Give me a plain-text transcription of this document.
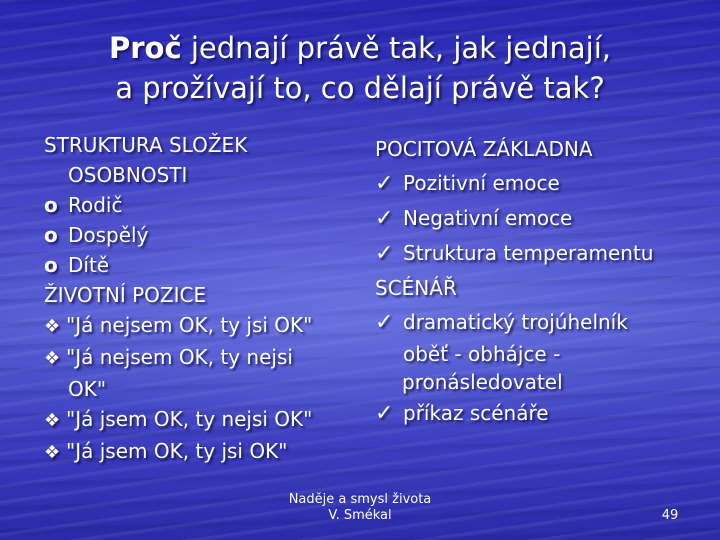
Proč jednají právě tak, jak jednají,
a prožívají to, co dělají právě tak?
STRUKTURA SLOŽEK
OSOBNOSTI
o Rodič
o Dospělý
o Dítě
ŽIVOTNÍ POZICE
❖ "Já nejsem OK, ty jsi OK"
❖ "Já nejsem OK, ty nejsi
OK"
❖ "Já jsem OK, ty nejsi OK"
❖ "Já jsem OK, ty jsi OK"
POCITOVÁ ZÁKLADNA
✓ Pozitivní emoce
✓ Negativní emoce
✓ Struktura temperamentu
SCÉNÁŘ
✓ dramatický trojúhelník
oběť - obhájce -
pronásledovatel
✓ příkaz scénáře
Naděje a smysl života
V. Smékal	49
